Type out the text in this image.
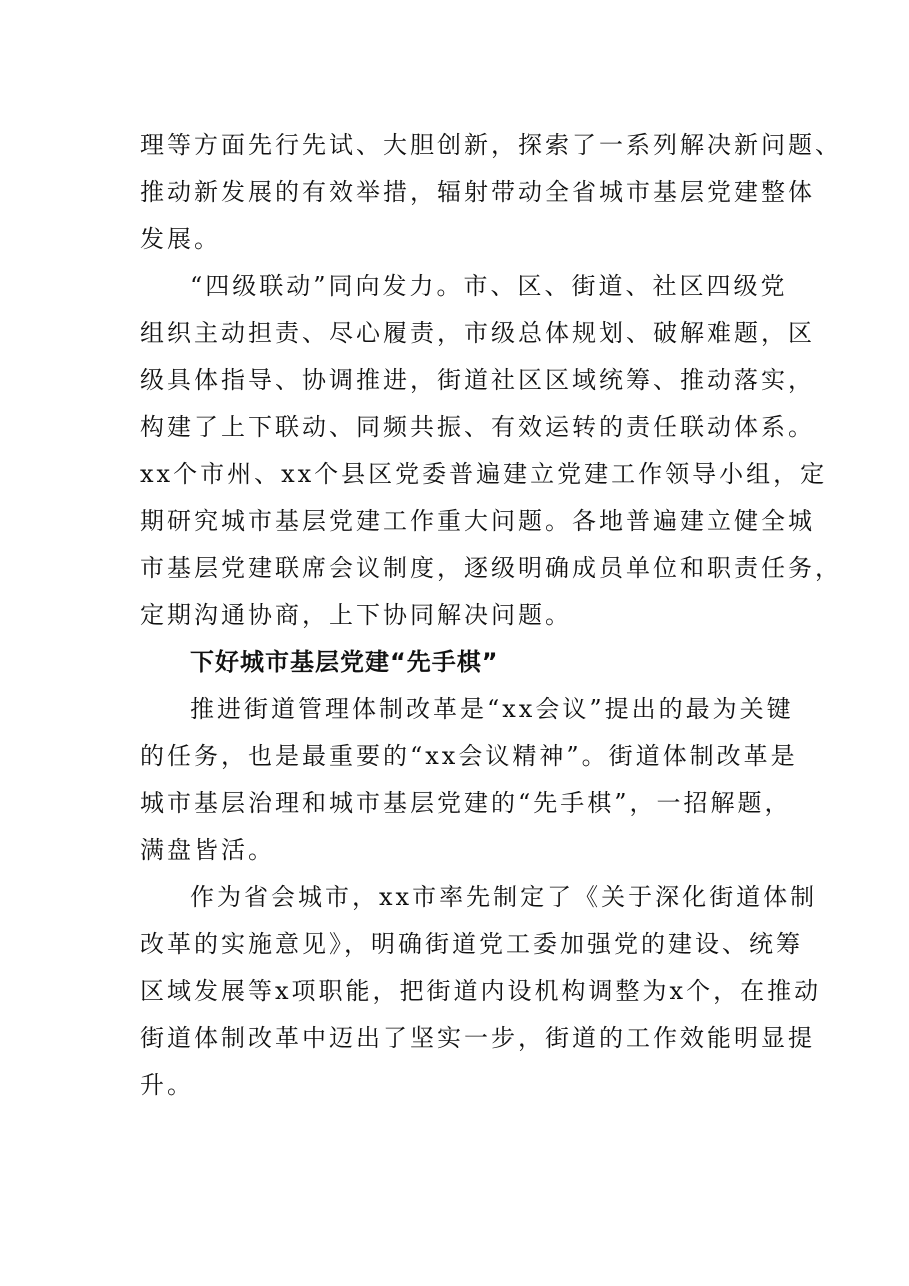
理等方面先行先试、大胆创新，探索了一系列解决新问题、
推动新发展的有效举措，辐射带动全省城市基层党建整体
发展。

“四级联动”同向发力。市、区、街道、社区四级党
组织主动担责、尽心履责，市级总体规划、破解难题，区
级具体指导、协调推进，街道社区区域统筹、推动落实，
构建了上下联动、同频共振、有效运转的责任联动体系。
xx个市州、xx个县区党委普遍建立党建工作领导小组，定
期研究城市基层党建工作重大问题。各地普遍建立健全城
市基层党建联席会议制度，逐级明确成员单位和职责任务，
定期沟通协商，上下协同解决问题。

下好城市基层党建“先手棋”

推进街道管理体制改革是“xx会议”提出的最为关键
的任务，也是最重要的“xx会议精神”。街道体制改革是
城市基层治理和城市基层党建的“先手棋”，一招解题，
满盘皆活。

作为省会城市，xx市率先制定了《关于深化街道体制
改革的实施意见》，明确街道党工委加强党的建设、统筹
区域发展等x项职能，把街道内设机构调整为x个，在推动
街道体制改革中迈出了坚实一步，街道的工作效能明显提
升。
